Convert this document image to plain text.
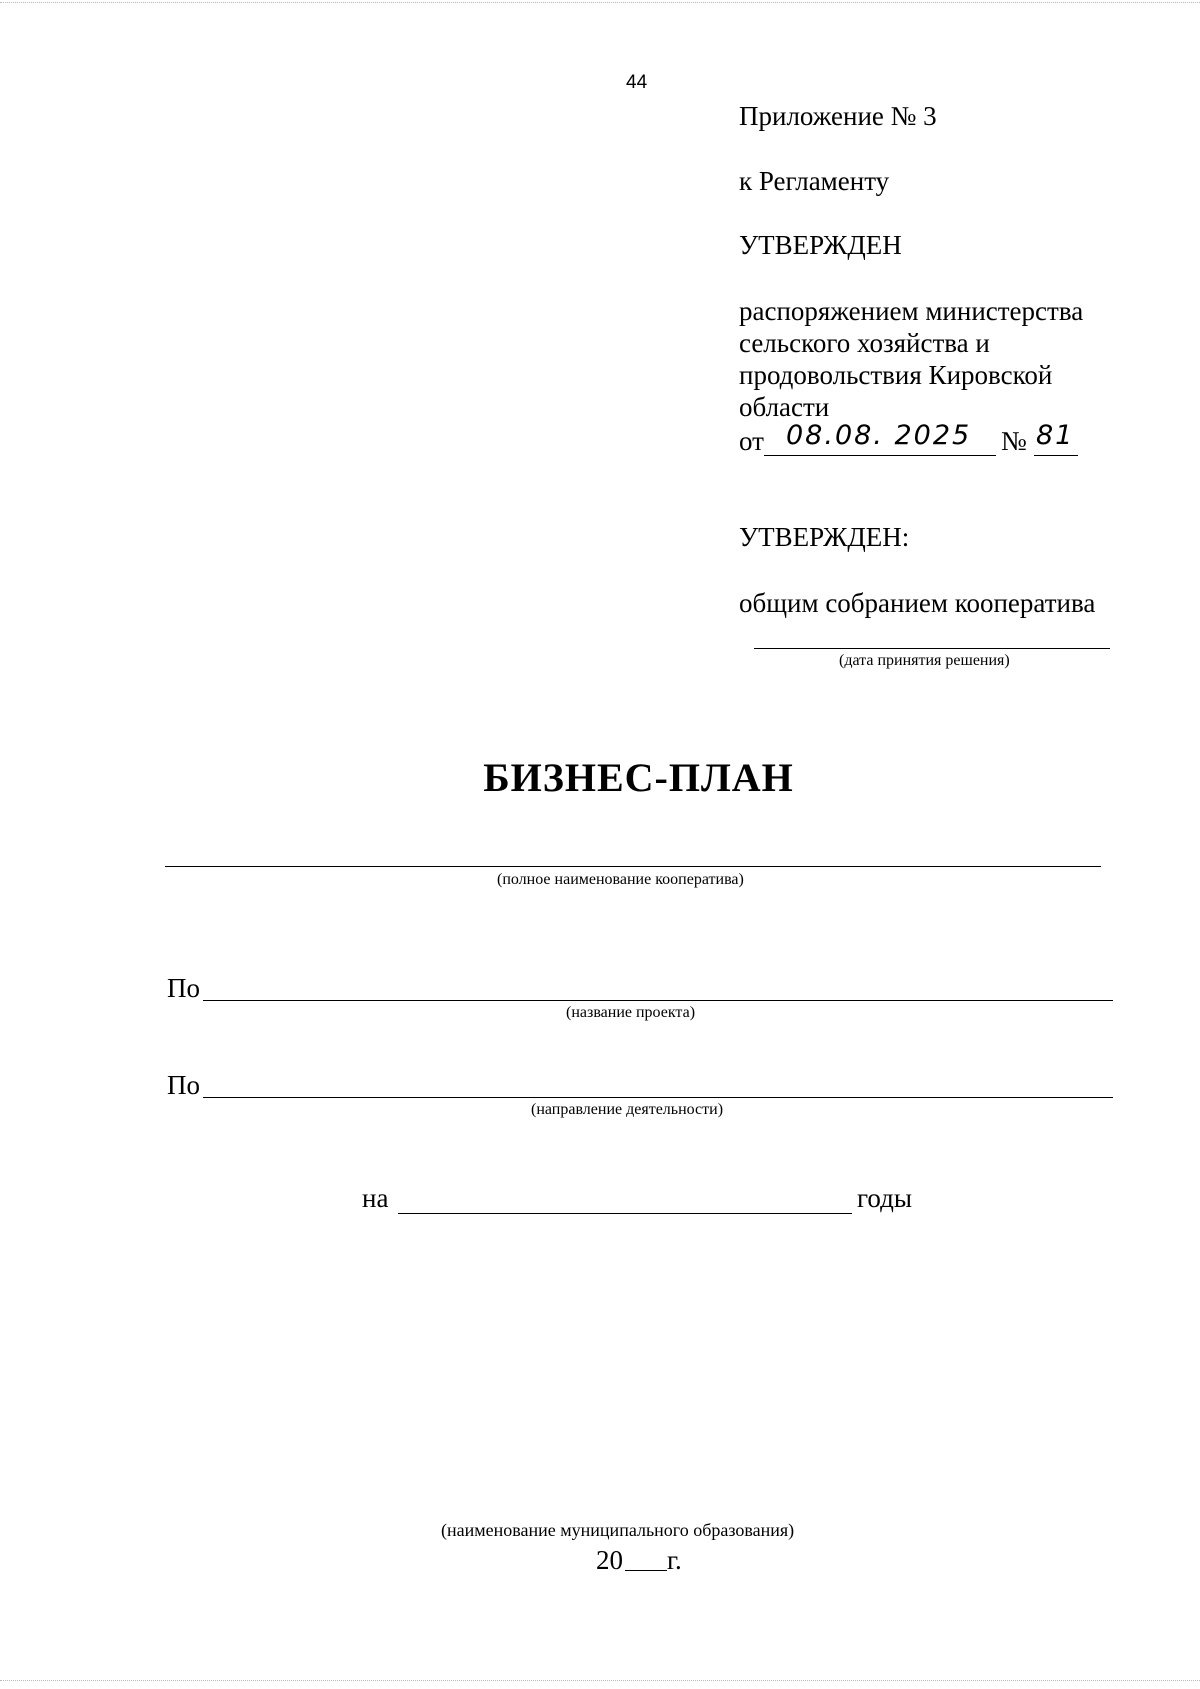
44
Приложение № 3
к Регламенту
УТВЕРЖДЕН
распоряжением министерства
сельского хозяйства и
продовольствия Кировской
области
от 08.08. 2025 № 81
УТВЕРЖДЕН:
общим собранием кооператива
(дата принятия решения)
БИЗНЕС-ПЛАН
(полное наименование кооператива)
По
(название проекта)
По
(направление деятельности)
на	годы
(наименование муниципального образования)
20 г.
